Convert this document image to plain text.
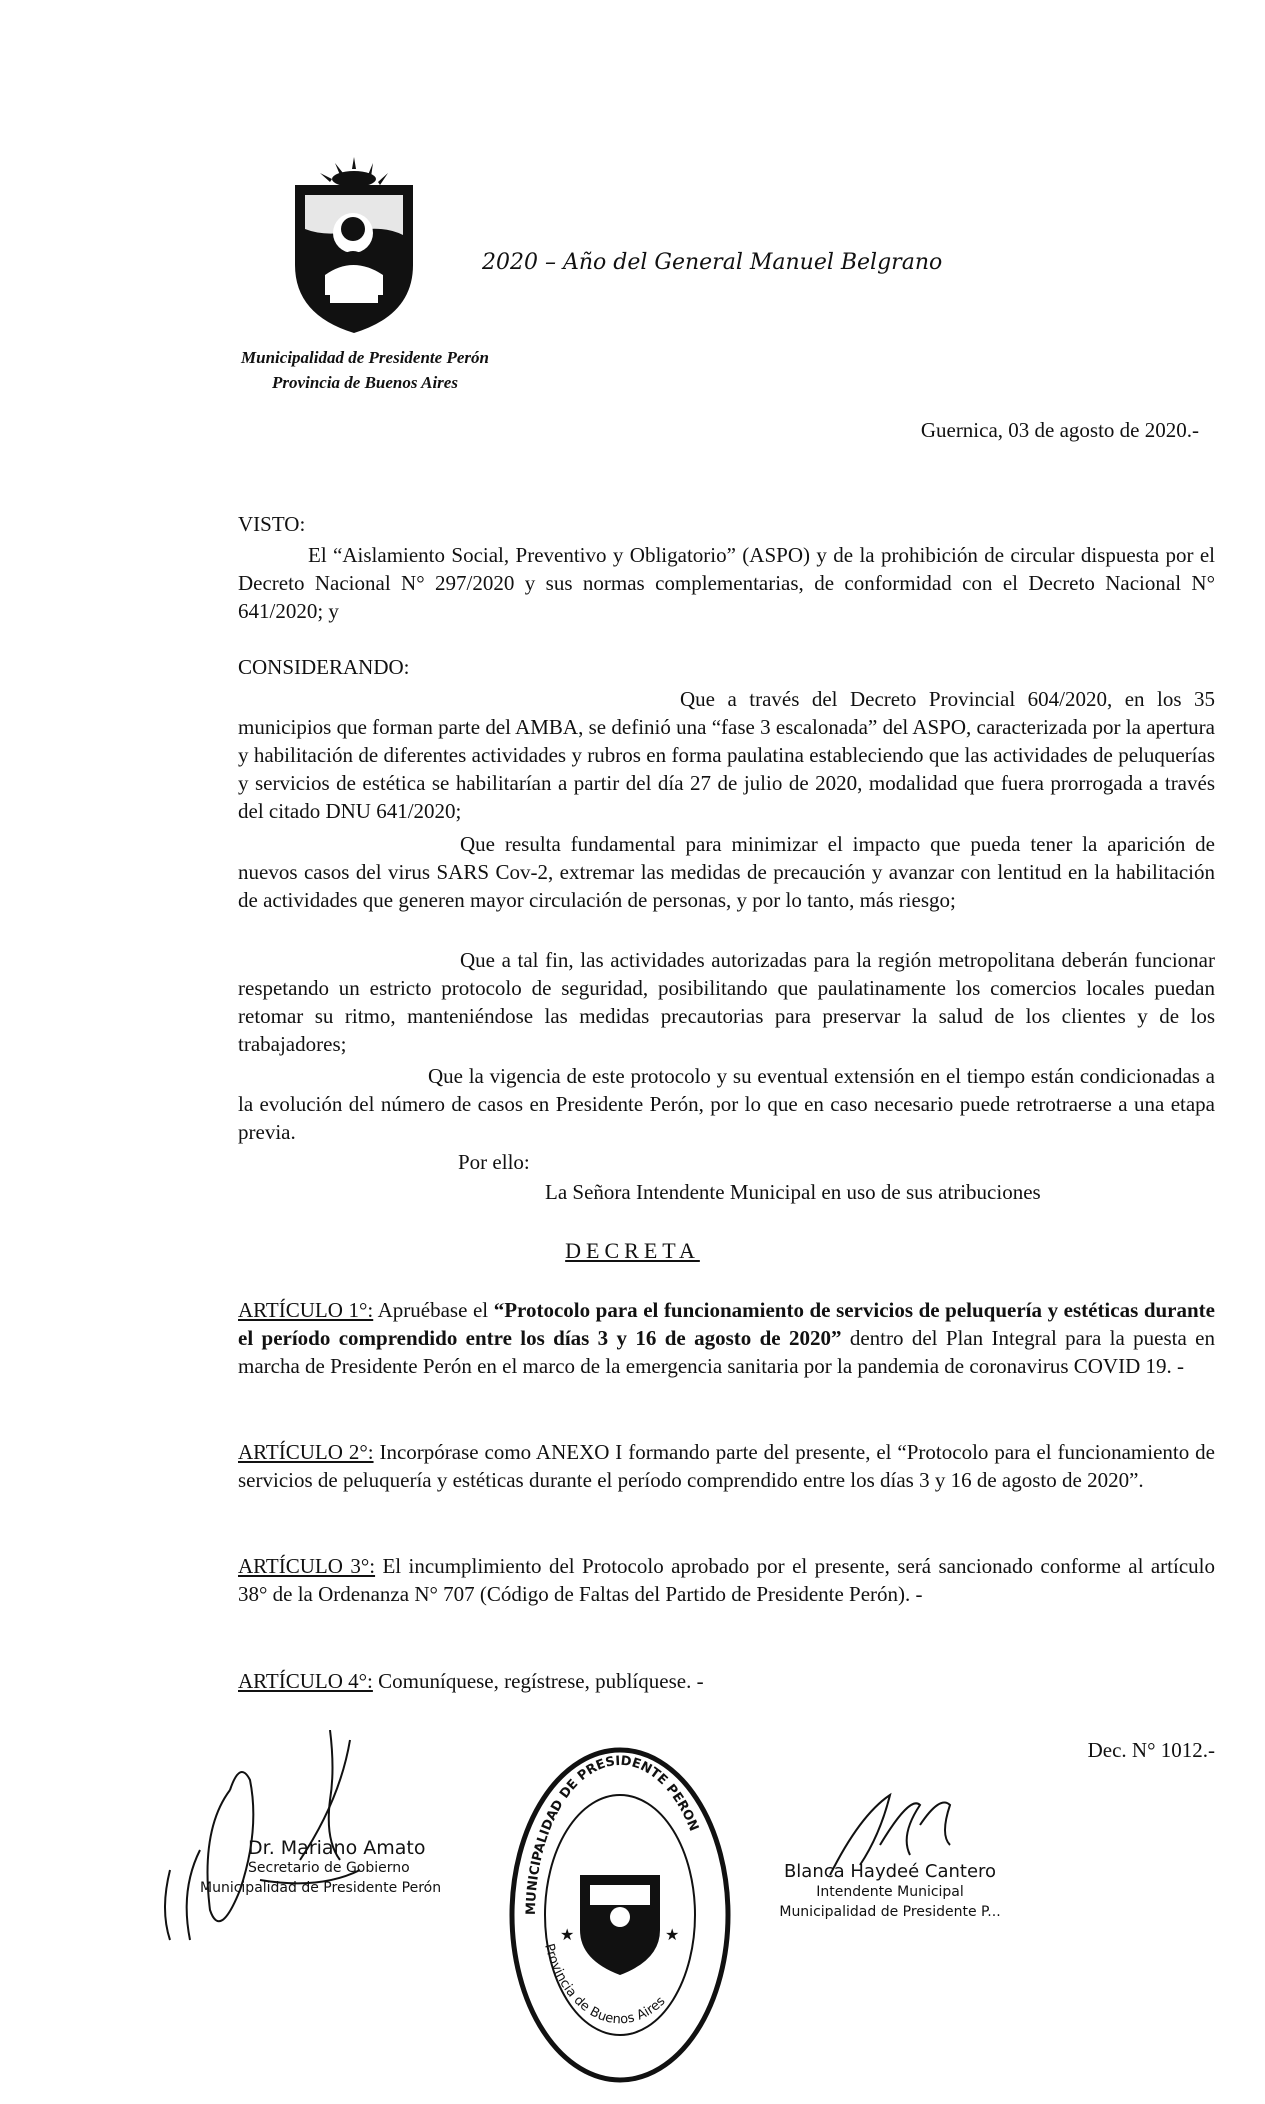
2020 – Año del General Manuel Belgrano
Municipalidad de Presidente Perón
Provincia de Buenos Aires
Guernica, 03 de agosto de 2020.-
VISTO:

El “Aislamiento Social, Preventivo y Obligatorio” (ASPO) y de la prohibición de circular dispuesta por el Decreto Nacional N° 297/2020 y sus normas complementarias, de conformidad con el Decreto Nacional N° 641/2020; y

CONSIDERANDO:

Que a través del Decreto Provincial 604/2020, en los 35 municipios que forman parte del AMBA, se definió una “fase 3 escalonada” del ASPO, caracterizada por la apertura y habilitación de diferentes actividades y rubros en forma paulatina estableciendo que las actividades de peluquerías y servicios de estética se habilitarían a partir del día 27 de julio de 2020, modalidad que fuera prorrogada a través del citado DNU 641/2020;

Que resulta fundamental para minimizar el impacto que pueda tener la aparición de nuevos casos del virus SARS Cov-2, extremar las medidas de precaución y avanzar con lentitud en la habilitación de actividades que generen mayor circulación de personas, y por lo tanto, más riesgo;

Que a tal fin, las actividades autorizadas para la región metropolitana deberán funcionar respetando un estricto protocolo de seguridad, posibilitando que paulatinamente los comercios locales puedan retomar su ritmo, manteniéndose las medidas precautorias para preservar la salud de los clientes y de los trabajadores;

Que la vigencia de este protocolo y su eventual extensión en el tiempo están condicionadas a la evolución del número de casos en Presidente Perón, por lo que en caso necesario puede retrotraerse a una etapa previa.

Por ello:
La Señora Intendente Municipal en uso de sus atribuciones
DECRETA

ARTÍCULO 1°: Apruébase el “Protocolo para el funcionamiento de servicios de peluquería y estéticas durante el período comprendido entre los días 3 y 16 de agosto de 2020” dentro del Plan Integral para la puesta en marcha de Presidente Perón en el marco de la emergencia sanitaria por la pandemia de coronavirus COVID 19. -

ARTÍCULO 2°: Incorpórase como ANEXO I formando parte del presente, el “Protocolo para el funcionamiento de servicios de peluquería y estéticas durante el período comprendido entre los días 3 y 16 de agosto de 2020”.

ARTÍCULO 3°: El incumplimiento del Protocolo aprobado por el presente, será sancionado conforme al artículo 38° de la Ordenanza N° 707 (Código de Faltas del Partido de Presidente Perón). -

ARTÍCULO 4°: Comuníquese, regístrese, publíquese. -

Dec. N° 1012.-
Dr. Mariano Amato
Secretario de Gobierno
Municipalidad de Presidente Perón
★	★
MUNICIPALIDAD DE PRESIDENTE PERON
Provincia de Buenos Aires
Blanca Haydeé Cantero
Intendente Municipal
Municipalidad de Presidente P...
